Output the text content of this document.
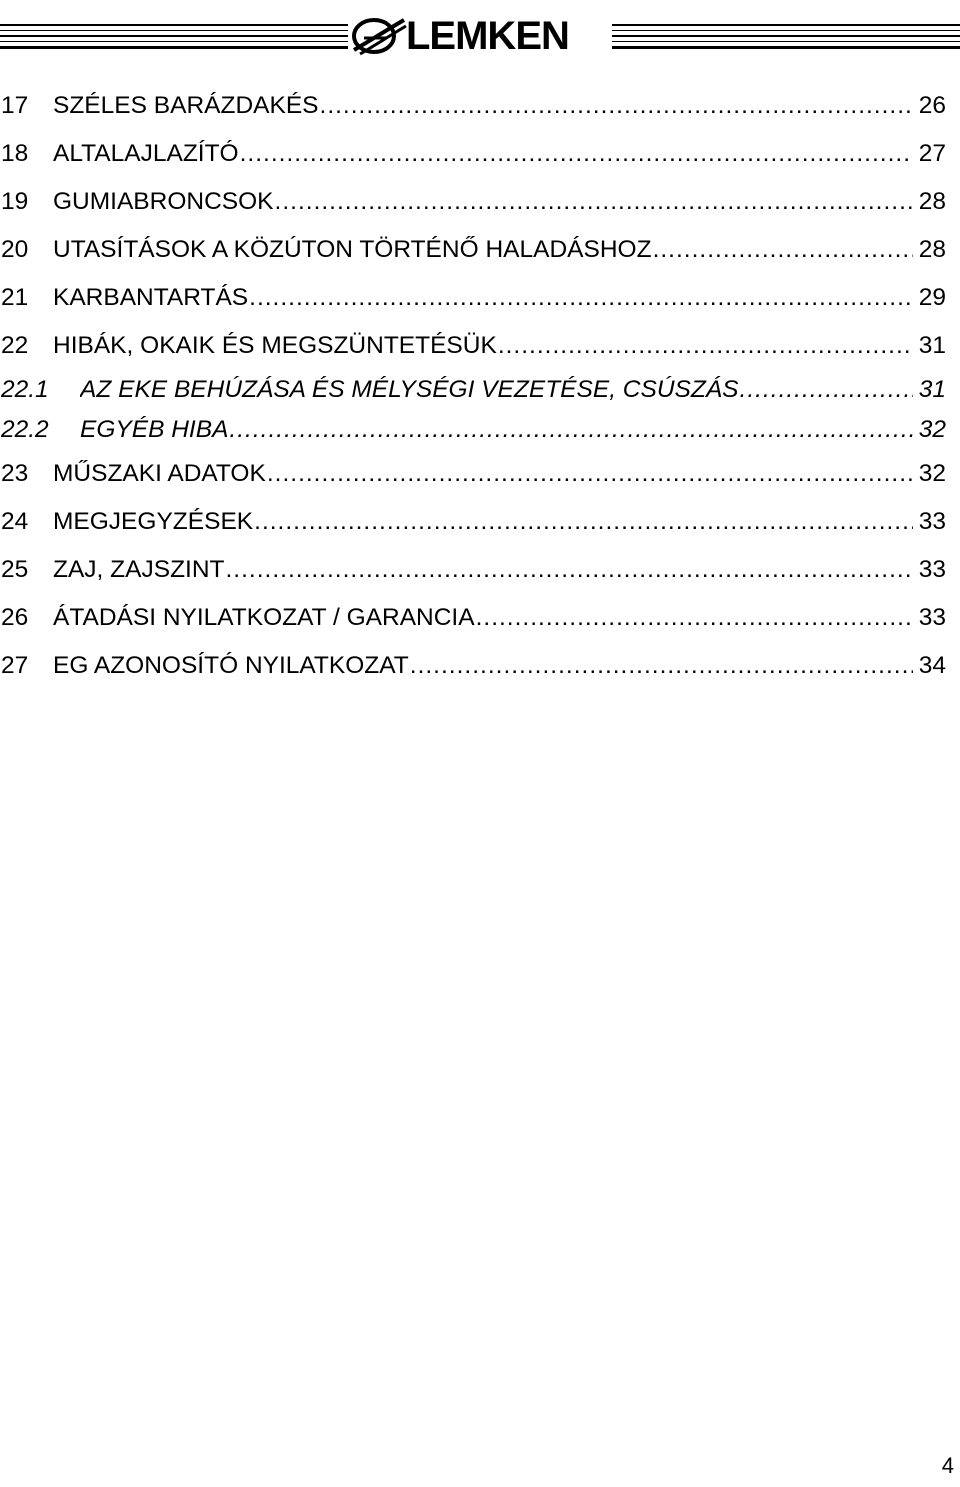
LEMKEN
17 SZÉLES BARÁZDAKÉS .....	26
18 ALTALAJLAZÍTÓ .....	27
19 GUMIABRONCSOK .....	28
20 UTASÍTÁSOK A KÖZÚTON TÖRTÉNŐ HALADÁSHOZ .....	28
21 KARBANTARTÁS .....	29
22 HIBÁK, OKAIK ÉS MEGSZÜNTETÉSÜK .....	31
22.1 AZ EKE BEHÚZÁSA ÉS MÉLYSÉGI VEZETÉSE, CSÚSZÁS .....	31
22.2 EGYÉB HIBA .....	32
23 MŰSZAKI ADATOK .....	32
24 MEGJEGYZÉSEK .....	33
25 ZAJ, ZAJSZINT .....	33
26 ÁTADÁSI NYILATKOZAT / GARANCIA .....	33
27 EG AZONOSÍTÓ NYILATKOZAT .....	34
4
